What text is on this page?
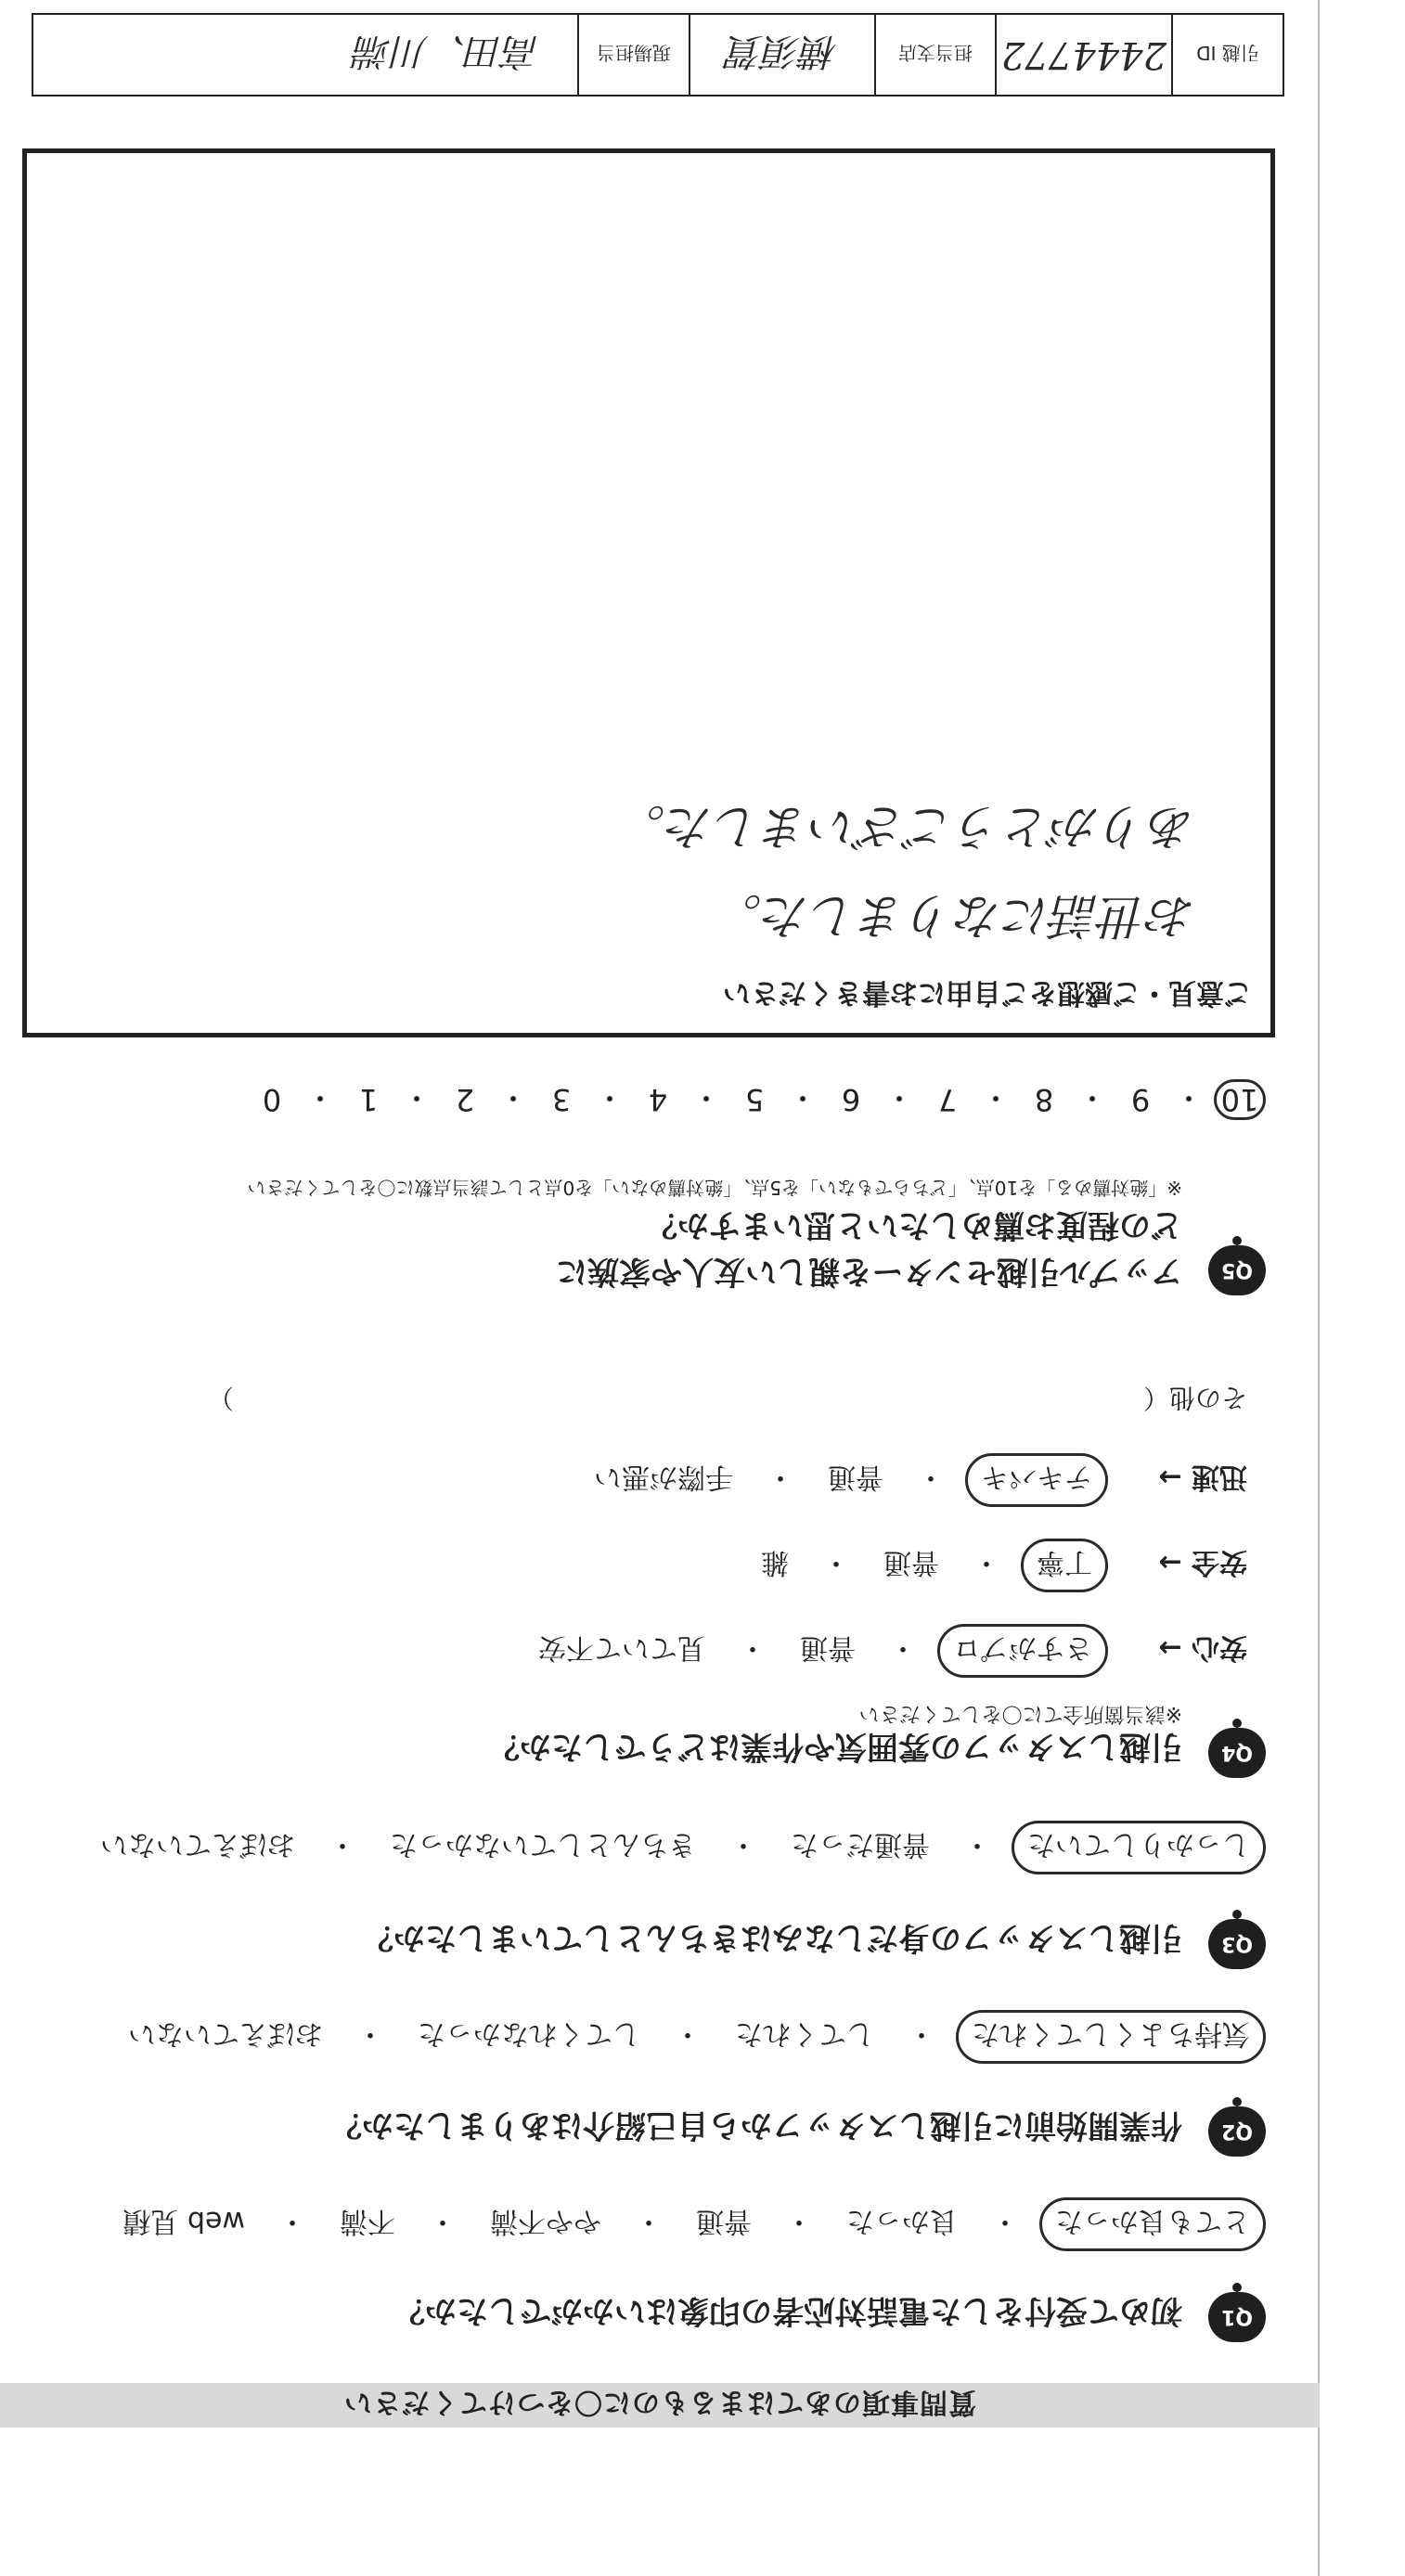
質問事項のあてはまるものに〇をつけてください
Q1
初めて受付をした電話対応者の印象はいかがでしたか？
とても良かった
・
良かった
・
普通
・
やや不満
・
不満
・
web 見積
Q2
作業開始前に引越しスタッフから自己紹介はありましたか？
気持ちよくしてくれた
・
してくれた
・
してくれなかった
・
おぼえていない
Q3
引越しスタッフの身だしなみはきちんとしていましたか？
しっかりしていた
・
普通だった
・
きちんとしていなかった
・
おぼえていない
Q4
引越しスタッフの雰囲気や作業はどうでしたか？
※該当箇所全てに〇をしてください
安心 →
さすがプロ
・
普通
・
見ていて不安
安全 →
丁寧
・
普通
・
雑
迅速 →
テキパキ
・
普通
・
手際が悪い
その他（　　　　　　　　　　　　　　　　　　　　　　　　　　　　　　　　　　　）
Q5
アップル引越センターを親しい友人や家族に
どの程度お薦めしたいと思いますか？
※「絶対薦める」を10点、「どちらでもない」を5点、「絶対薦めない」を0点として該当点数に〇をしてください
10
・
9
・
8
・
7
・
6
・
5
・
4
・
3
・
2
・
1
・
0
ご意見・ご感想をご自由にお書きください
お世話になりました。
ありがとうございました。
引越 ID
2444772
担当支店
横須賀
現場担当
高田、川端
